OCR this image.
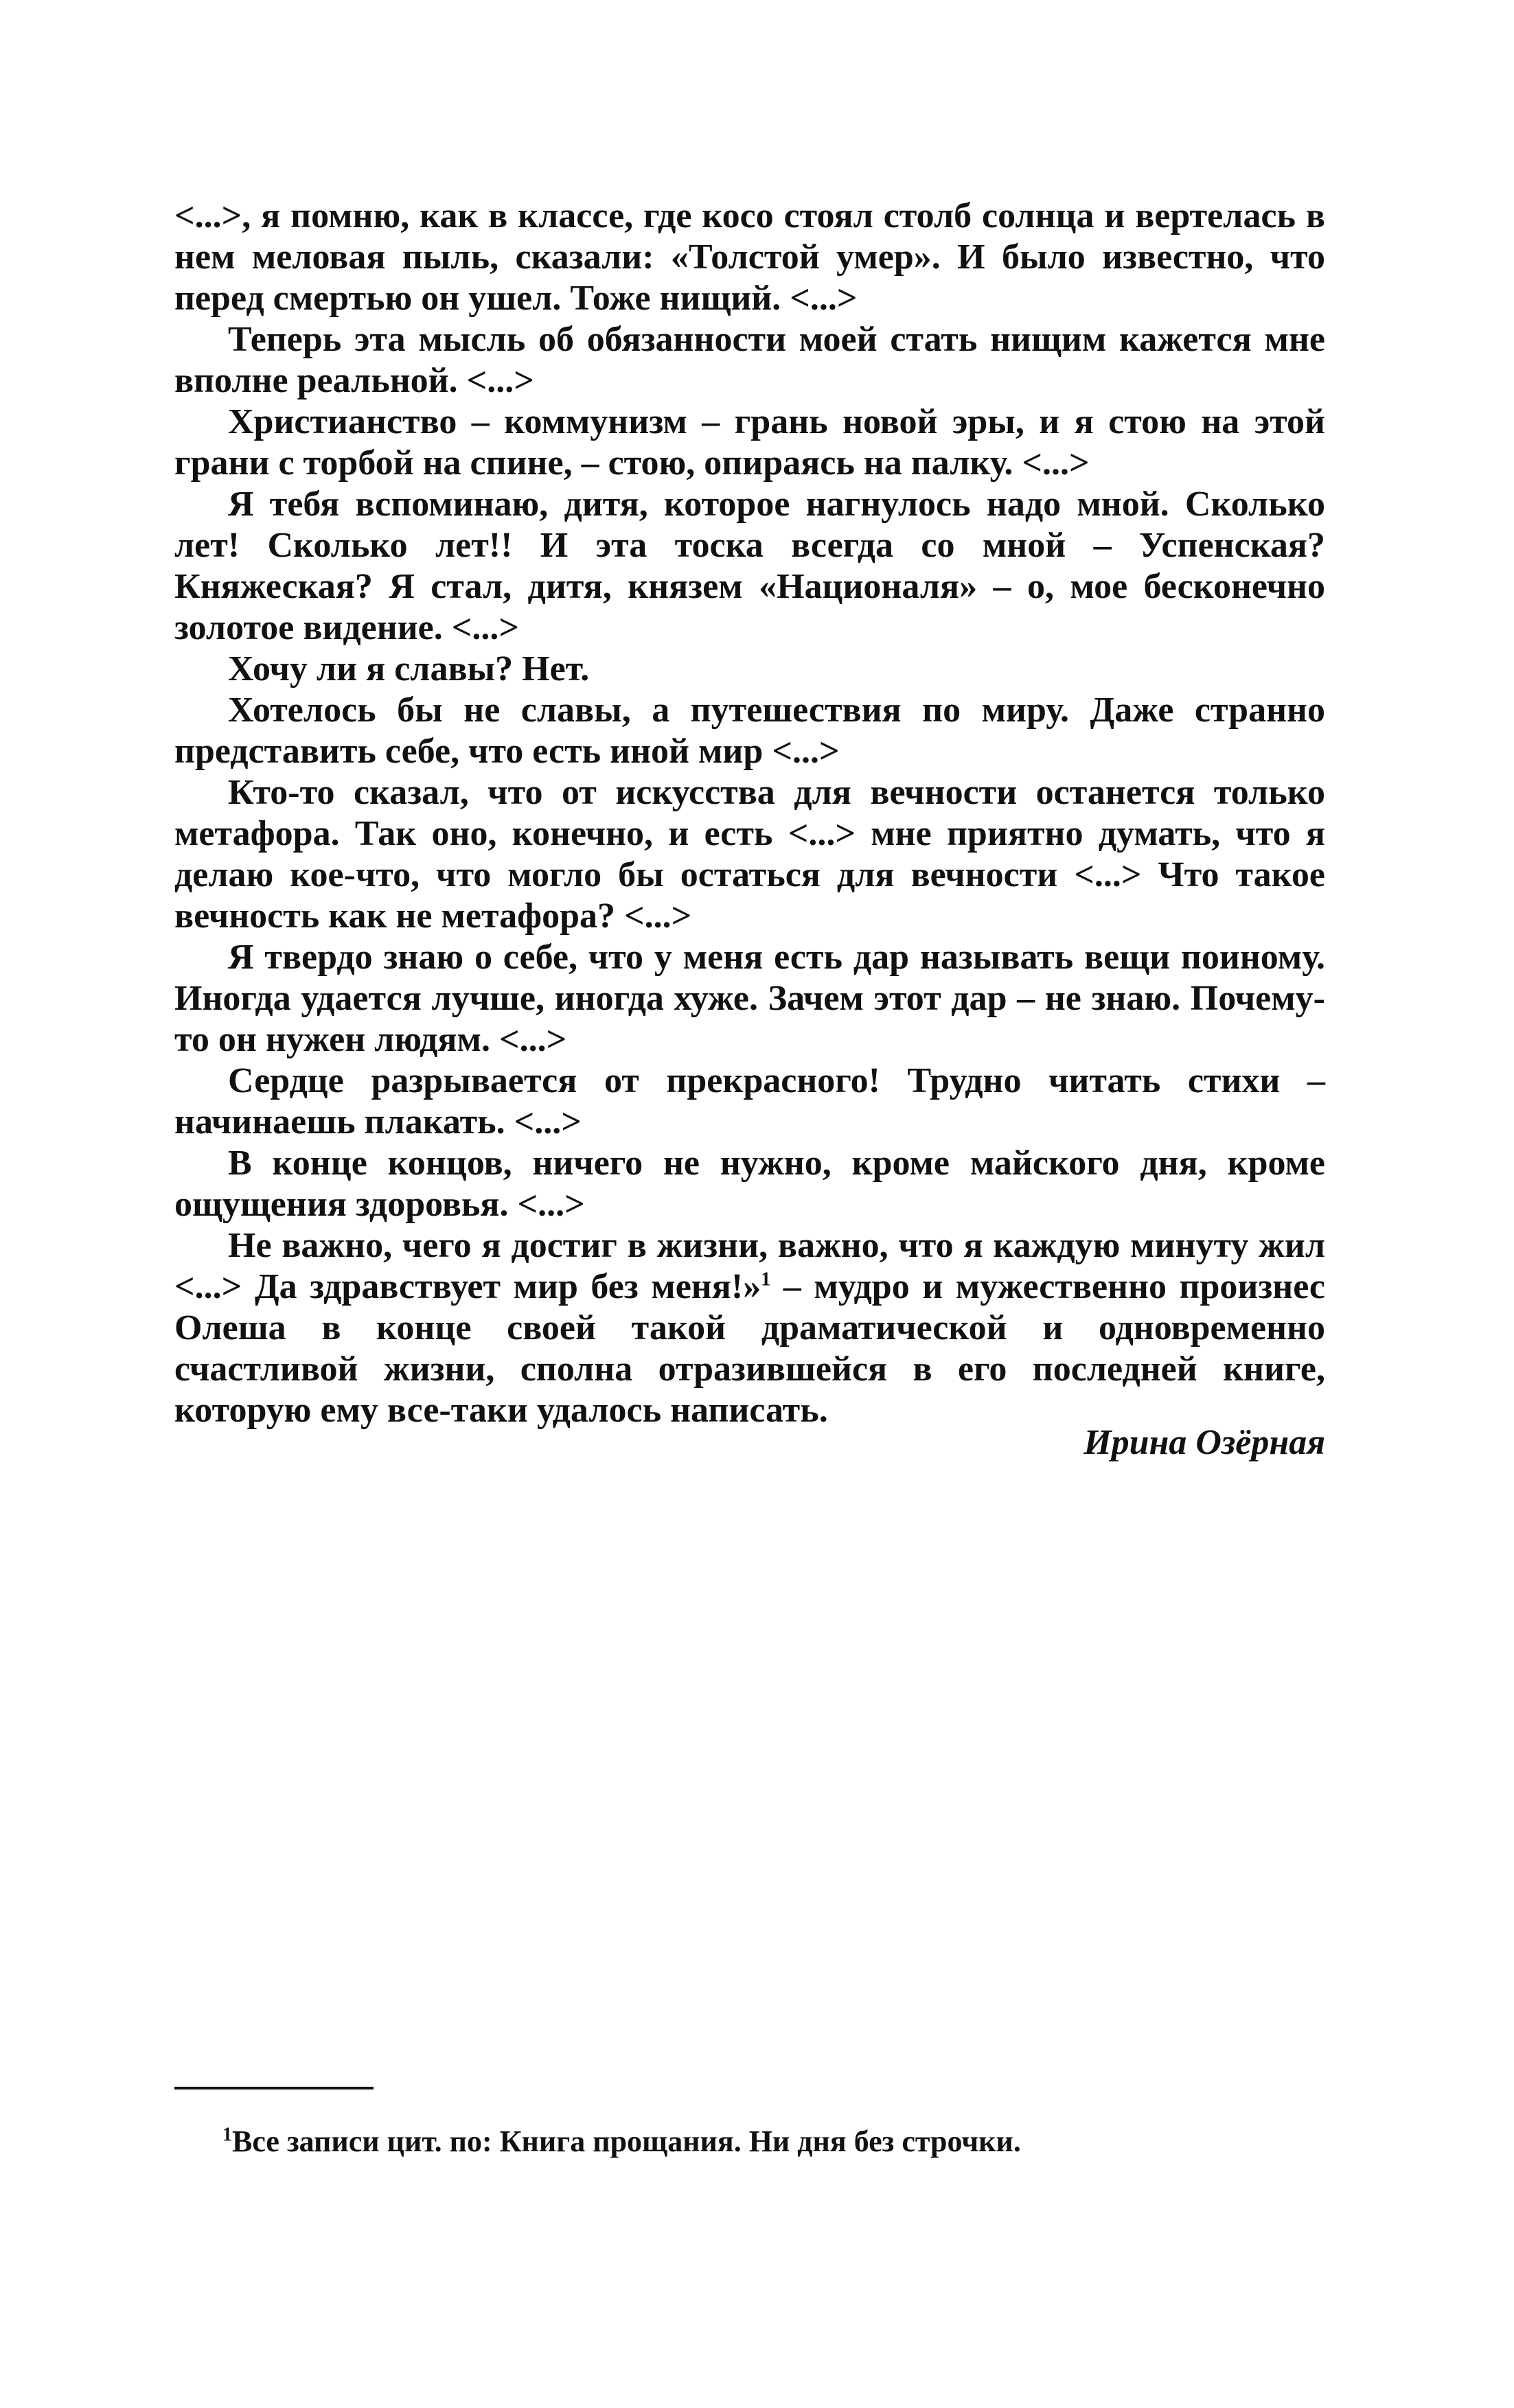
<...>, я помню, как в классе, где косо стоял столб солнца и вертелась в нем меловая пыль, сказали: «Толстой умер». И было известно, что перед смертью он ушел. Тоже нищий. <...>

Теперь эта мысль об обязанности моей стать нищим кажется мне вполне реальной. <...>

Христианство – коммунизм – грань новой эры, и я стою на этой грани с торбой на спине, – стою, опираясь на палку. <...>

Я тебя вспоминаю, дитя, которое нагнулось надо мной. Сколько лет! Сколько лет!! И эта тоска всегда со мной – Успенская? Княжеская? Я стал, дитя, князем «Националя» – о, мое бесконечно золотое видение. <...>

Хочу ли я славы? Нет.

Хотелось бы не славы, а путешествия по миру. Даже странно представить себе, что есть иной мир <...>

Кто-то сказал, что от искусства для вечности останется только метафора. Так оно, конечно, и есть <...> мне приятно думать, что я делаю кое-что, что могло бы остаться для вечности <...> Что такое вечность как не метафора? <...>

Я твердо знаю о себе, что у меня есть дар называть вещи поиному. Иногда удается лучше, иногда хуже. Зачем этот дар – не знаю. Почему-то он нужен людям. <...>

Сердце разрывается от прекрасного! Трудно читать стихи – начинаешь плакать. <...>

В конце концов, ничего не нужно, кроме майского дня, кроме ощущения здоровья. <...>

Не важно, чего я достиг в жизни, важно, что я каждую минуту жил <...> Да здравствует мир без меня!»$^1$ – мудро и мужественно произнес Олеша в конце своей такой драматической и одновременно счастливой жизни, сполна отразившейся в его последней книге, которую ему все-таки удалось написать.

Ирина Озёрная
$^1$Все записи цит. по: Книга прощания. Ни дня без строчки.
